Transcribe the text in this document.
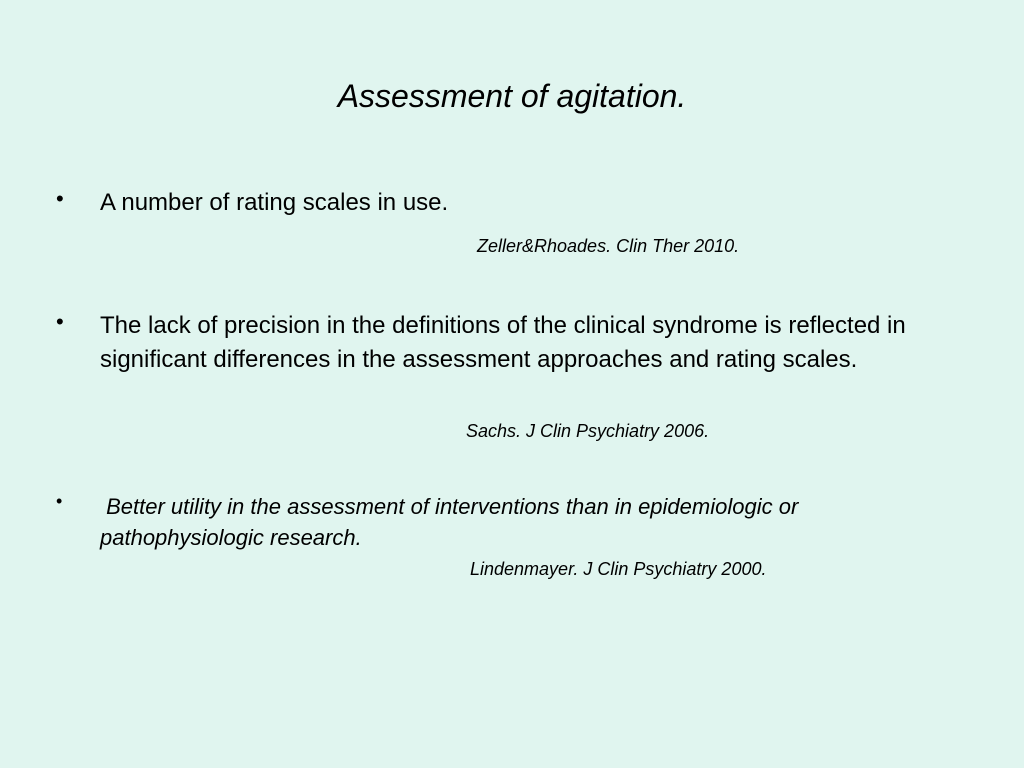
Assessment of agitation.
•	A number of rating scales in use.
Zeller&Rhoades. Clin Ther 2010.
•	The lack of precision in the definitions of the clinical syndrome is reflected in significant differences in the assessment approaches and rating scales.
Sachs. J Clin Psychiatry 2006.
•	Better utility in the assessment of interventions than in epidemiologic or pathophysiologic research.
Lindenmayer. J Clin Psychiatry 2000.
